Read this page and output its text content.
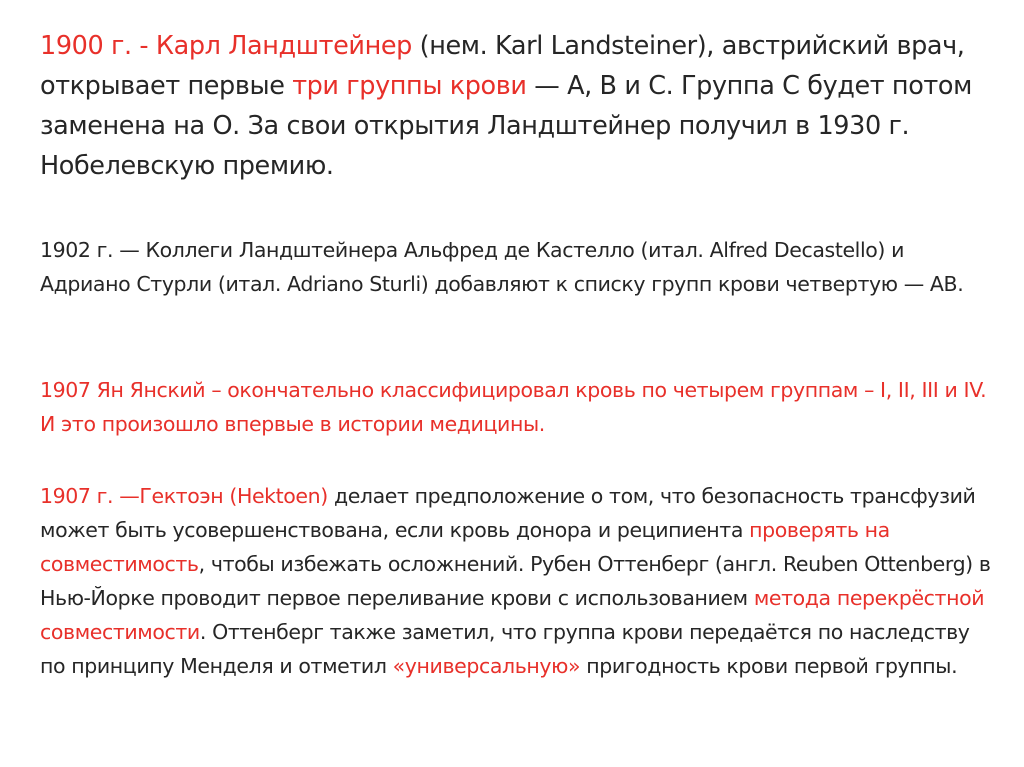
1900 г. - Карл Ландштейнер (нем. Karl Landsteiner), австрийский врач, открывает первые три группы крови — А, В и С. Группа С будет потом заменена на О. За свои открытия Ландштейнер получил в 1930 г. Нобелевскую премию.

1902 г. — Коллеги Ландштейнера Альфред де Кастелло (итал. Alfred Decastello) и Адриано Стурли (итал. Adriano Sturli) добавляют к списку групп крови четвертую — АВ.

1907 Ян Янский – окончательно классифицировал кровь по четырем группам – I, II, III и IV. И это произошло впервые в истории медицины.

1907 г. —Гектоэн (Hektoen) делает предположение о том, что безопасность трансфузий может быть усовершенствована, если кровь донора и реципиента проверять на совместимость, чтобы избежать осложнений. Рубен Оттенберг (англ. Reuben Ottenberg) в Нью-Йорке проводит первое переливание крови с использованием метода перекрёстной совместимости. Оттенберг также заметил, что группа крови передаётся по наследству по принципу Менделя и отметил «универсальную» пригодность крови первой группы.
